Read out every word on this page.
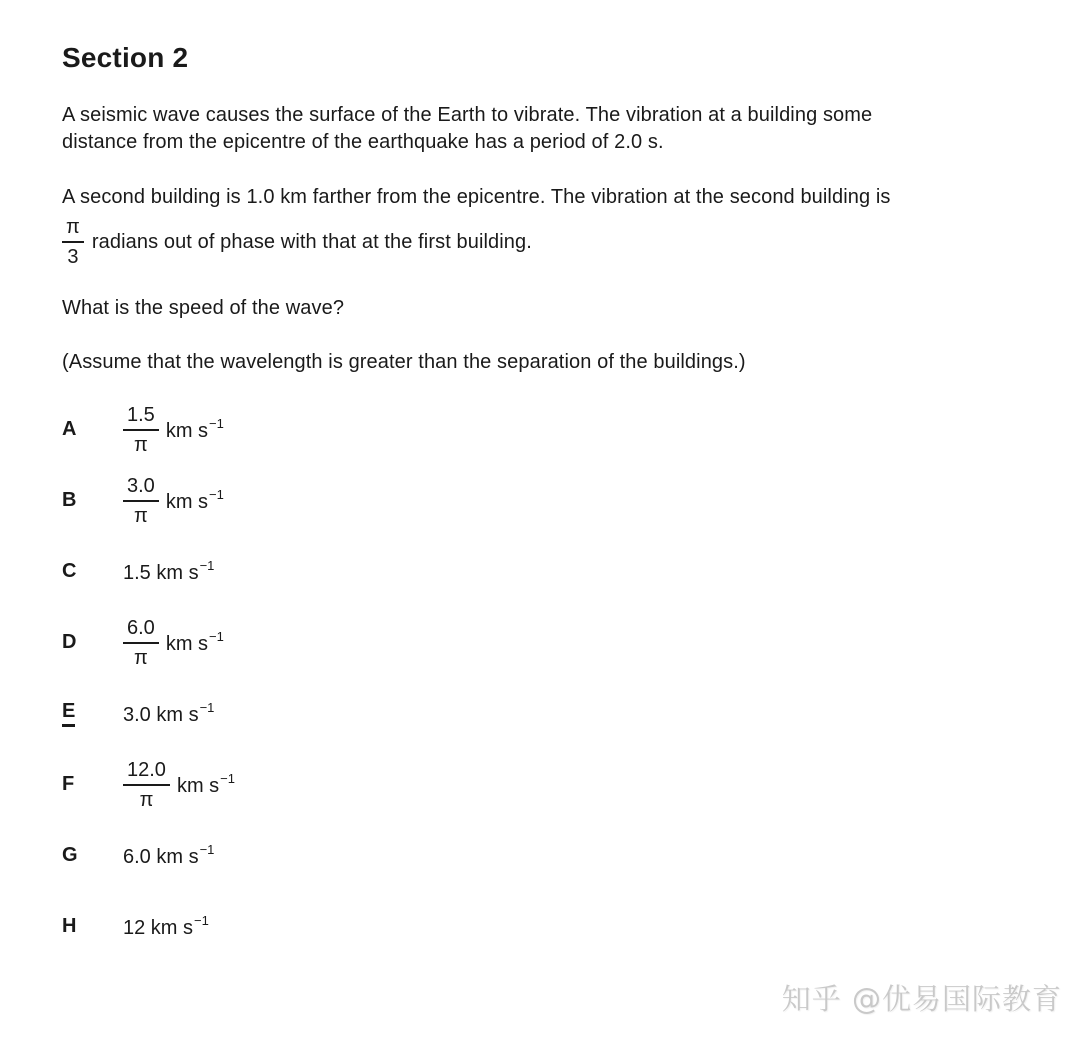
Section 2
A seismic wave causes the surface of the Earth to vibrate. The vibration at a building some
distance from the epicentre of the earthquake has a period of 2.0 s.
A second building is 1.0 km farther from the epicentre. The vibration at the second building is
$\frac{\pi}{3}$ radians out of phase with that at the first building.
What is the speed of the wave?
(Assume that the wavelength is greater than the separation of the buildings.)
A	$\frac{1.5}{\pi}$ km $s^{-1}$
B	$\frac{3.0}{\pi}$ km $s^{-1}$
C	1.5 km $s^{-1}$
D	$\frac{6.0}{\pi}$ km $s^{-1}$
E	3.0 km $s^{-1}$
F	$\frac{12.0}{\pi}$ km $s^{-1}$
G	6.0 km $s^{-1}$
H	12 km $s^{-1}$
知乎 @优易国际教育
